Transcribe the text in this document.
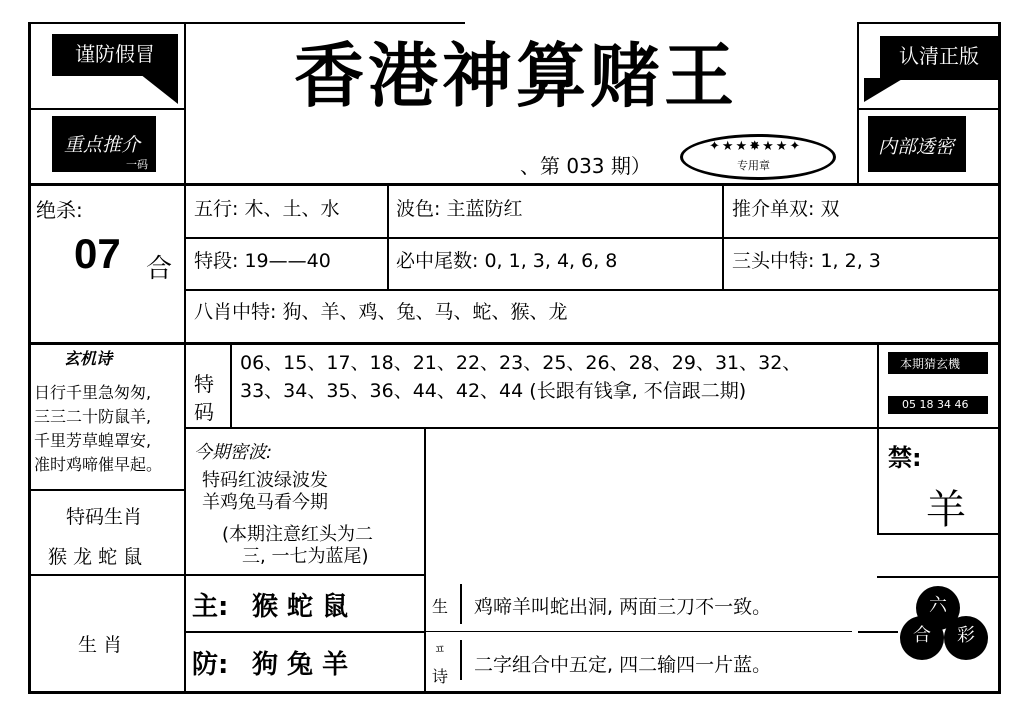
谨防假冒	香港神算赌王	认清正版
重点推介
一码
内部透密
✦★★✸★★✦
专用章
、第 033 期）
绝杀:
07 合
五行: 木、土、水	波色: 主蓝防红	推介单双: 双
特段: 19——40	必中尾数: 0, 1, 3, 4, 6, 8	三头中特: 1, 2, 3
八肖中特: 狗、羊、鸡、兔、马、蛇、猴、龙
玄机诗
日行千里急匆匆,
三三二十防鼠羊,
千里芳草蝗罩安,
准时鸡啼催早起。
特
码
06、15、17、18、21、22、23、25、26、28、29、31、32、
33、34、35、36、44、42、44 (长跟有钱拿, 不信跟二期)
本期猜玄機
05 18 34 46
今期密波:
特码红波绿波发
羊鸡兔马看今期
(本期注意红头为二
三, 一七为蓝尾)
特码生肖
猴 龙 蛇 鼠
禁:
羊
生 肖
主: 猴 蛇 鼠
防: 狗 兔 羊
生
ㅍ
诗
鸡啼羊叫蛇出洞, 两面三刀不一致。
二字组合中五定, 四二输四一片蓝。
六
合	彩
